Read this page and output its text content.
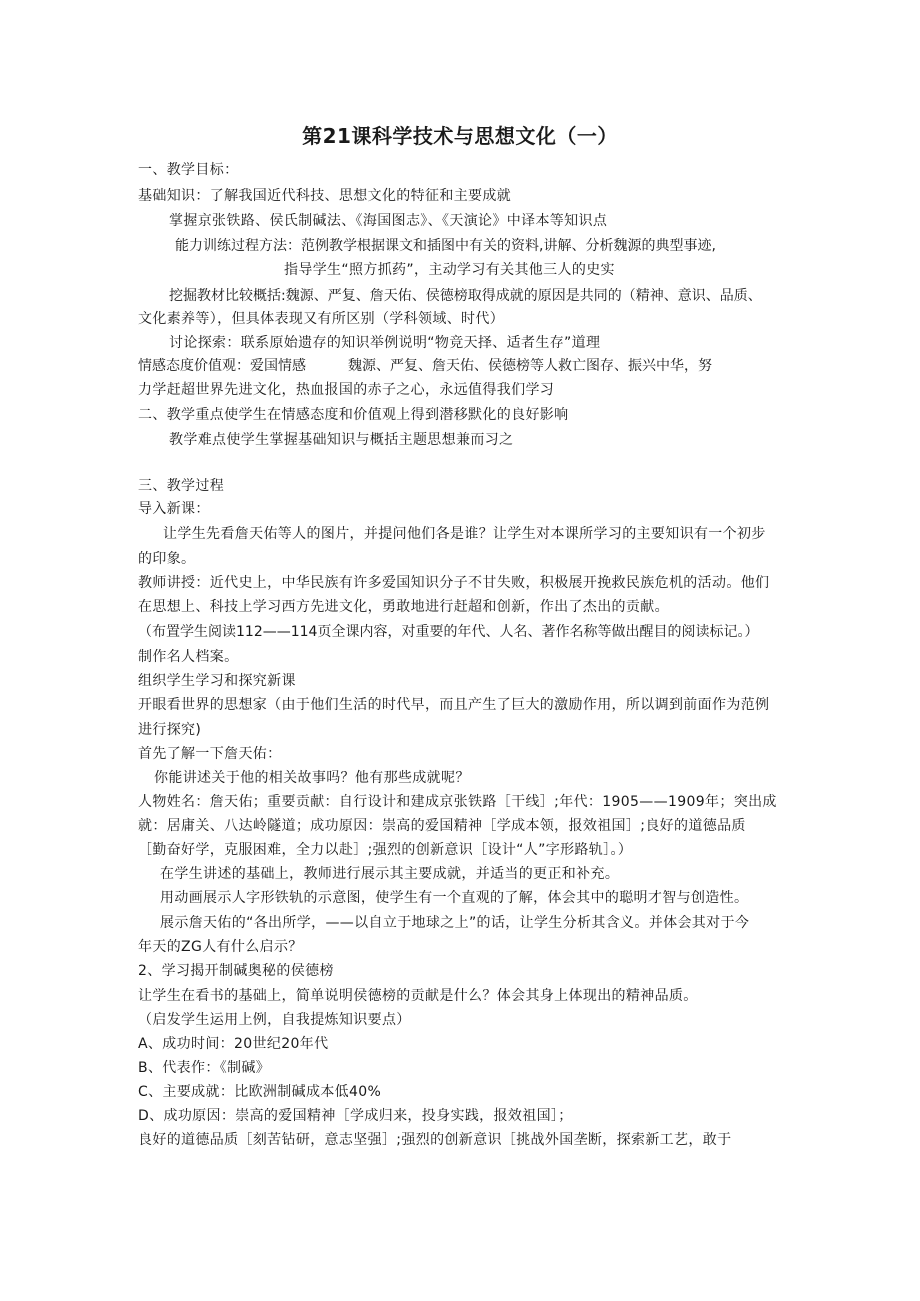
第21课科学技术与思想文化（一）
一、教学目标：
基础知识：了解我国近代科技、思想文化的特征和主要成就
掌握京张铁路、侯氏制碱法、《海国图志》、《天演论》中译本等知识点
能力训练过程方法：范例教学根据课文和插图中有关的资料,讲解、分析魏源的典型事迹,
指导学生“照方抓药”，主动学习有关其他三人的史实
挖掘教材比较概括:魏源、严复、詹天佑、侯德榜取得成就的原因是共同的（精神、意识、品质、
文化素养等），但具体表现又有所区别（学科领域、时代）
讨论探索：联系原始遗存的知识举例说明“物竞天择、适者生存”道理
情感态度价值观：爱国情感　　　魏源、严复、詹天佑、侯德榜等人救亡图存、振兴中华，努
力学赶超世界先进文化，热血报国的赤子之心，永远值得我们学习
二、教学重点使学生在情感态度和价值观上得到潜移默化的良好影响
教学难点使学生掌握基础知识与概括主题思想兼而习之
三、教学过程
导入新课：
让学生先看詹天佑等人的图片，并提问他们各是谁？让学生对本课所学习的主要知识有一个初步
的印象。
教师讲授：近代史上，中华民族有许多爱国知识分子不甘失败，积极展开挽救民族危机的活动。他们
在思想上、科技上学习西方先进文化，勇敢地进行赶超和创新，作出了杰出的贡献。
（布置学生阅读112——114页全课内容，对重要的年代、人名、著作名称等做出醒目的阅读标记。）
制作名人档案。
组织学生学习和探究新课
开眼看世界的思想家（由于他们生活的时代早，而且产生了巨大的激励作用，所以调到前面作为范例
进行探究)
首先了解一下詹天佑：
你能讲述关于他的相关故事吗？他有那些成就呢？
人物姓名：詹天佑；重要贡献：自行设计和建成京张铁路［干线］;年代：1905——1909年；突出成
就：居庸关、八达岭隧道；成功原因：崇高的爱国精神［学成本领，报效祖国］;良好的道德品质
［勤奋好学，克服困难，全力以赴］;强烈的创新意识［设计“人”字形路轨］。）
在学生讲述的基础上，教师进行展示其主要成就，并适当的更正和补充。
用动画展示人字形铁轨的示意图，使学生有一个直观的了解，体会其中的聪明才智与创造性。
展示詹天佑的“各出所学，——以自立于地球之上”的话，让学生分析其含义。并体会其对于今
年天的ZG人有什么启示？
2、学习揭开制碱奥秘的侯德榜
让学生在看书的基础上，简单说明侯德榜的贡献是什么？体会其身上体现出的精神品质。
（启发学生运用上例，自我提炼知识要点）
A、成功时间：20世纪20年代
B、代表作：《制碱》
C、主要成就：比欧洲制碱成本低40%
D、成功原因：崇高的爱国精神［学成归来，投身实践，报效祖国］；
良好的道德品质［刻苦钻研，意志坚强］;强烈的创新意识［挑战外国垄断，探索新工艺，敢于
